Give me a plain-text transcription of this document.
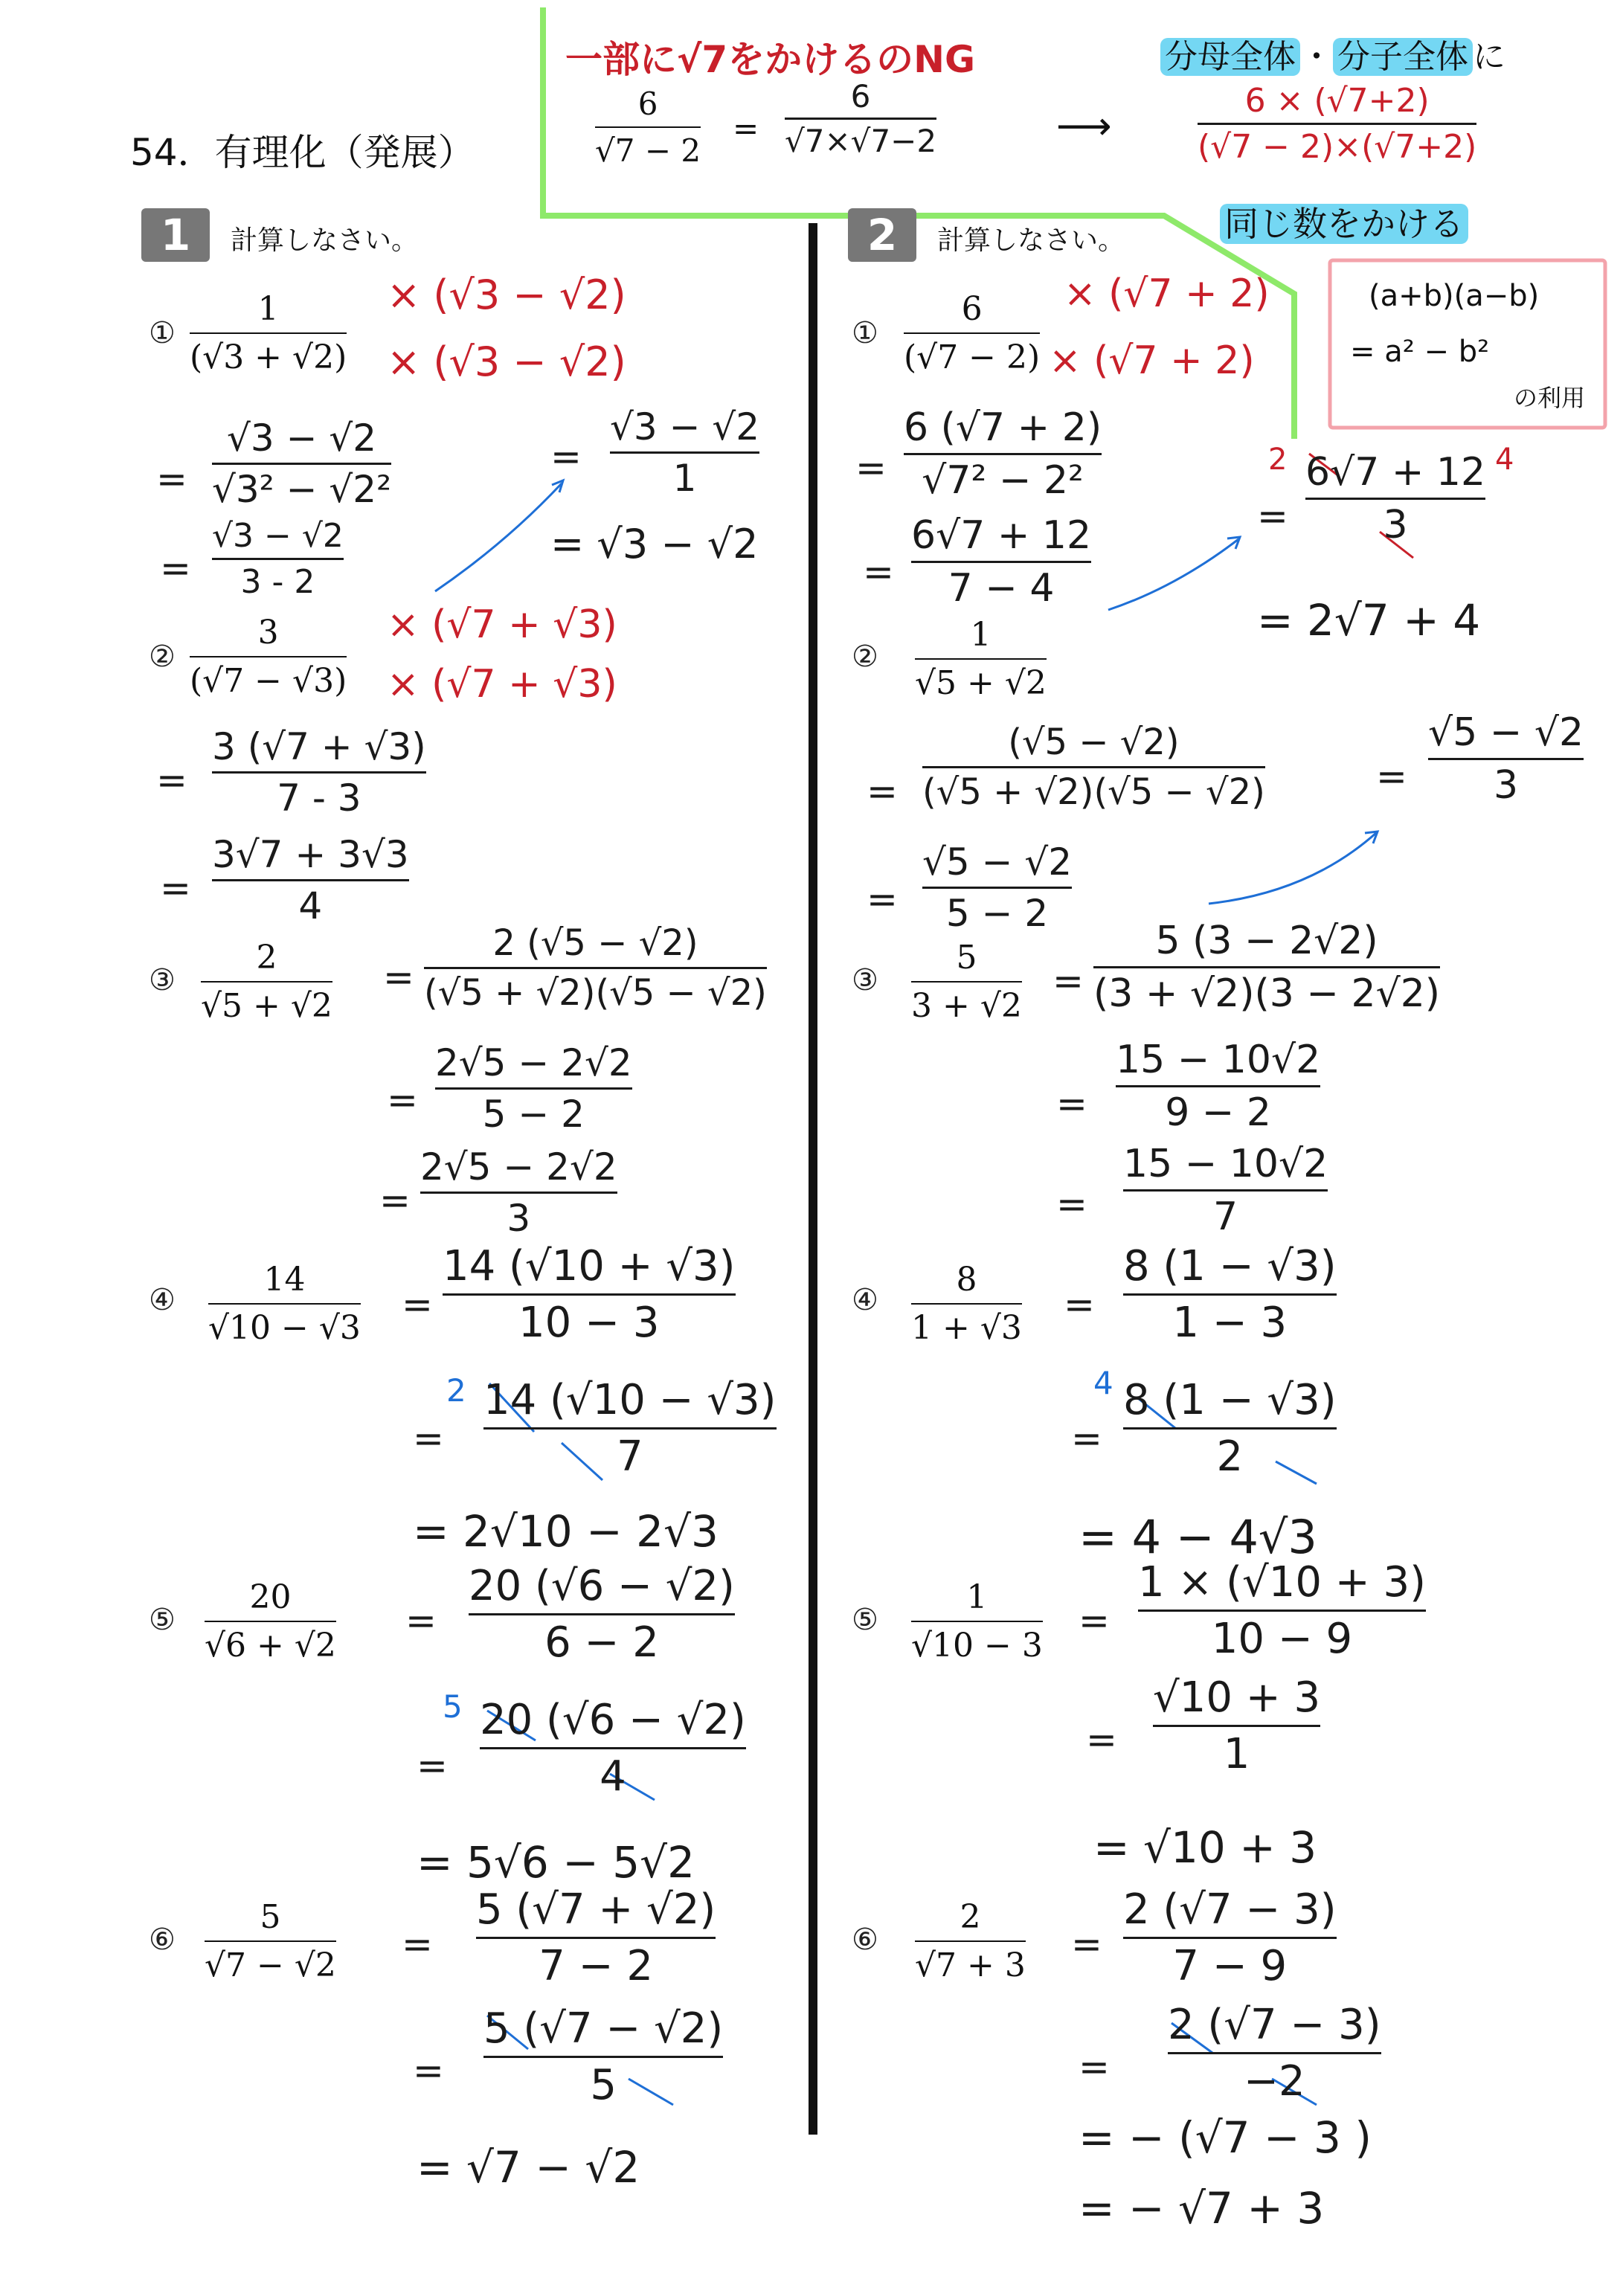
54．有理化（発展）
一部に√7をかけるのNG
6
√7 − 2
=
6
√7×√7−2	⟶
分母全体 ・ 分子全体 に
6 × (√7+2)
(√7 − 2)×(√7+2)
同じ数をかける
(a+b)(a−b)
= a² − b²
の利用
1	計算しなさい。	2	計算しなさい。
①
1
(√3 + √2)
× (√3 − √2)
× (√3 − √2)
=
√3 − √2
√3² − √2²
=
√3 − √2
3 - 2
=
√3 − √2
1
= √3 − √2
②
3
(√7 − √3)
× (√7 + √3)
× (√7 + √3)
=
3 (√7 + √3)
7 - 3
=
3√7 + 3√3
4
③
2
√5 + √2
=
2 (√5 − √2)
(√5 + √2)(√5 − √2)
=
2√5 − 2√2
5 − 2
=
2√5 − 2√2
3
④
14
√10 − √3
=
14 (√10 + √3)
10 − 3
2
=
14 (√10 − √3)
7
= 2√10 − 2√3
⑤
20
√6 + √2
=
20 (√6 − √2)
6 − 2
5
=
20 (√6 − √2)
4
= 5√6 − 5√2
⑥
5
√7 − √2 =
5 (√7 + √2)
7 − 2
=
5 (√7 − √2)
5
= √7 − √2
①
6
(√7 − 2)
× (√7 + 2)
× (√7 + 2)
=
6 (√7 + 2)
√7² − 2²
=
6√7 + 12
7 − 4
2	4
=
6√7 + 12
3
= 2√7 + 4
②
1
√5 + √2
=
(√5 − √2)
(√5 + √2)(√5 − √2)
=
√5 − √2
5 − 2
=
√5 − √2
3
③
5
3 + √2
=
5 (3 − 2√2)
(3 + √2)(3 − 2√2)
=
15 − 10√2
9 − 2
=
15 − 10√2
7
④
8
1 + √3
=
8 (1 − √3)
1 − 3
4
=
8 (1 − √3)
2
= 4 − 4√3
⑤
1
√10 − 3
=
1 × (√10 + 3)
10 − 9
=
√10 + 3
1
= √10 + 3
⑥
2
√7 + 3 =
2 (√7 − 3)
7 − 9
=
2 (√7 − 3)
−2
= − (√7 − 3 )
= − √7 + 3
